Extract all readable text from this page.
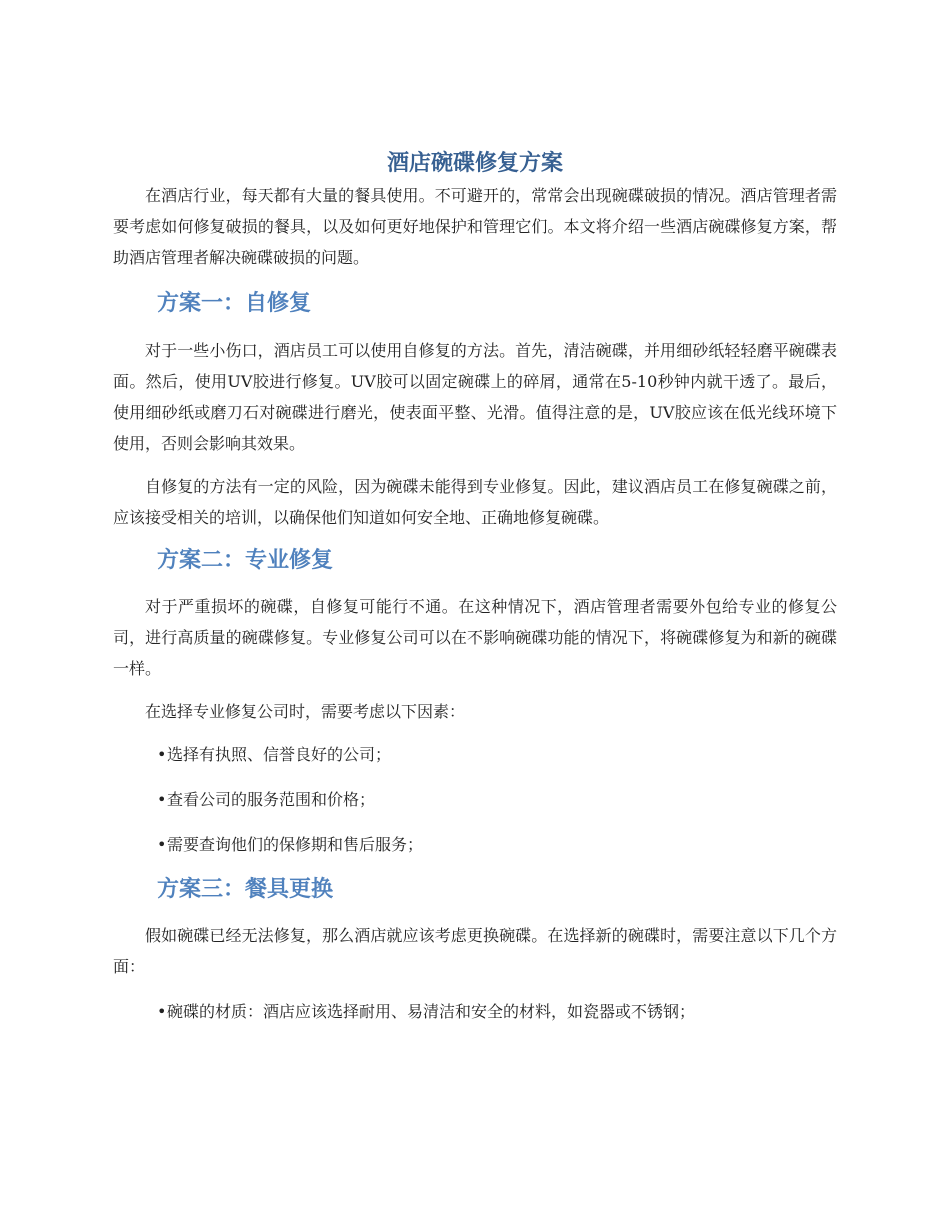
酒店碗碟修复方案

在酒店行业，每天都有大量的餐具使用。不可避开的，常常会出现碗碟破损的情况。酒店管理者需要考虑如何修复破损的餐具，以及如何更好地保护和管理它们。本文将介绍一些酒店碗碟修复方案，帮助酒店管理者解决碗碟破损的问题。

方案一：自修复

对于一些小伤口，酒店员工可以使用自修复的方法。首先，清洁碗碟，并用细砂纸轻轻磨平碗碟表面。然后，使用UV胶进行修复。UV胶可以固定碗碟上的碎屑，通常在5-10秒钟内就干透了。最后，使用细砂纸或磨刀石对碗碟进行磨光，使表面平整、光滑。值得注意的是，UV胶应该在低光线环境下使用，否则会影响其效果。

自修复的方法有一定的风险，因为碗碟未能得到专业修复。因此，建议酒店员工在修复碗碟之前，应该接受相关的培训，以确保他们知道如何安全地、正确地修复碗碟。

方案二：专业修复

对于严重损坏的碗碟，自修复可能行不通。在这种情况下，酒店管理者需要外包给专业的修复公司，进行高质量的碗碟修复。专业修复公司可以在不影响碗碟功能的情况下，将碗碟修复为和新的碗碟一样。

在选择专业修复公司时，需要考虑以下因素：

•选择有执照、信誉良好的公司；

•查看公司的服务范围和价格；

•需要查询他们的保修期和售后服务；

方案三：餐具更换

假如碗碟已经无法修复，那么酒店就应该考虑更换碗碟。在选择新的碗碟时，需要注意以下几个方面：

•碗碟的材质：酒店应该选择耐用、易清洁和安全的材料，如瓷器或不锈钢；
